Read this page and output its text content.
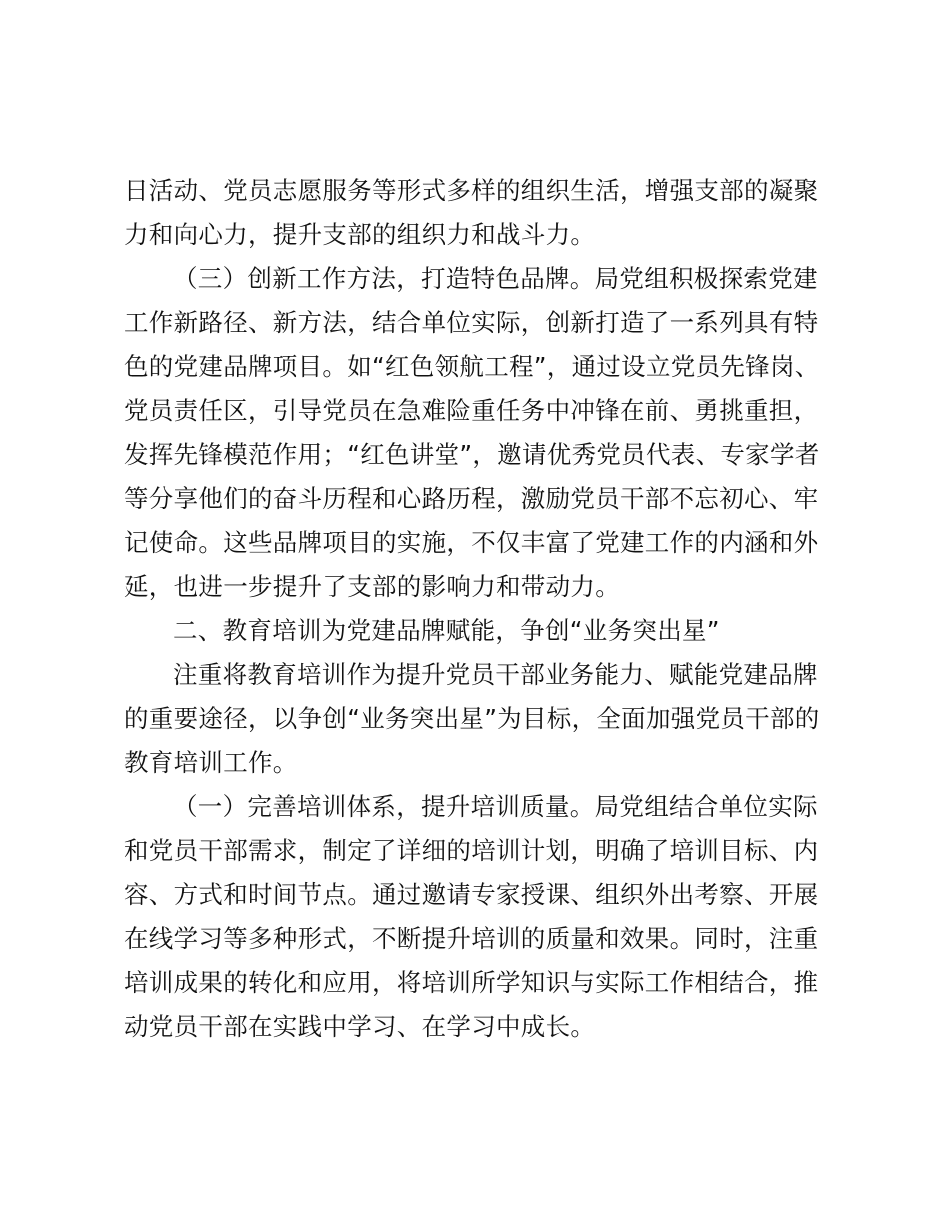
日活动、党员志愿服务等形式多样的组织生活，增强支部的凝聚
力和向心力，提升支部的组织力和战斗力。
（三）创新工作方法，打造特色品牌。局党组积极探索党建
工作新路径、新方法，结合单位实际，创新打造了一系列具有特
色的党建品牌项目。如“红色领航工程”，通过设立党员先锋岗、
党员责任区，引导党员在急难险重任务中冲锋在前、勇挑重担，
发挥先锋模范作用；“红色讲堂”，邀请优秀党员代表、专家学者
等分享他们的奋斗历程和心路历程，激励党员干部不忘初心、牢
记使命。这些品牌项目的实施，不仅丰富了党建工作的内涵和外
延，也进一步提升了支部的影响力和带动力。
二、教育培训为党建品牌赋能，争创“业务突出星”
注重将教育培训作为提升党员干部业务能力、赋能党建品牌
的重要途径，以争创“业务突出星”为目标，全面加强党员干部的
教育培训工作。
（一）完善培训体系，提升培训质量。局党组结合单位实际
和党员干部需求，制定了详细的培训计划，明确了培训目标、内
容、方式和时间节点。通过邀请专家授课、组织外出考察、开展
在线学习等多种形式，不断提升培训的质量和效果。同时，注重
培训成果的转化和应用，将培训所学知识与实际工作相结合，推
动党员干部在实践中学习、在学习中成长。
